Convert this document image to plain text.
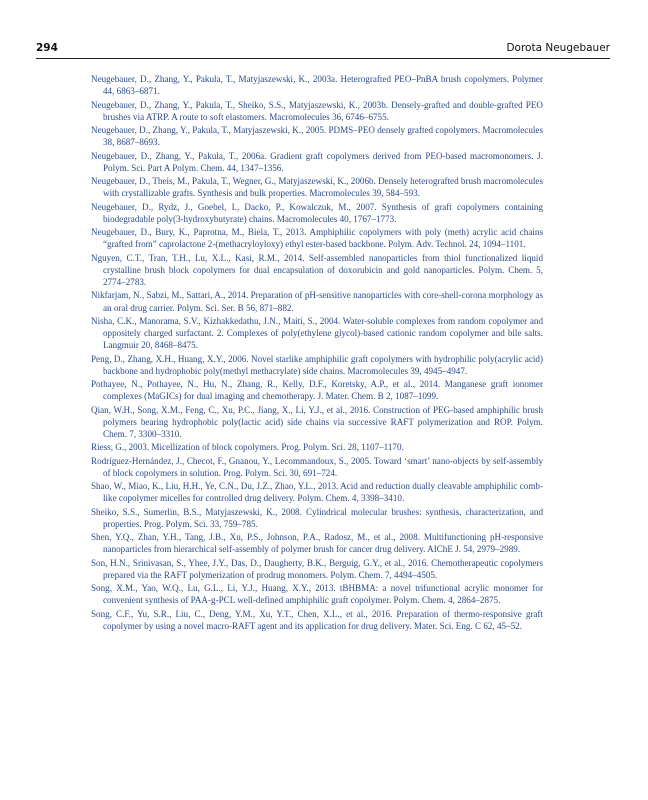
294	Dorota Neugebauer
Neugebauer, D., Zhang, Y., Pakula, T., Matyjaszewski, K., 2003a. Heterografted PEO–PnBA brush copolymers. Polymer 44, 6863–6871.
Neugebauer, D., Zhang, Y., Pakula, T., Sheiko, S.S., Matyjaszewski, K., 2003b. Densely-grafted and double-grafted PEO brushes via ATRP. A route to soft elastomers. Macromolecules 36, 6746–6755.
Neugebauer, D., Zhang, Y., Pakula, T., Matyjaszewski, K., 2005. PDMS–PEO densely grafted copolymers. Macromolecules 38, 8687–8693.
Neugebauer, D., Zhang, Y., Pakula, T., 2006a. Gradient graft copolymers derived from PEO-based macromonomers. J. Polym. Sci. Part A Polym. Chem. 44, 1347–1356.
Neugebauer, D., Theis, M., Pakula, T., Wegner, G., Matyjaszewski, K., 2006b. Densely heterografted brush macromolecules with crystallizable grafts. Synthesis and bulk properties. Macromolecules 39, 584–593.
Neugebauer, D., Rydz, J., Goebel, I., Dacko, P., Kowalczuk, M., 2007. Synthesis of graft copolymers containing biodegradable poly(3-hydroxybutyrate) chains. Macromolecules 40, 1767–1773.
Neugebauer, D., Bury, K., Paprotna, M., Biela, T., 2013. Amphiphilic copolymers with poly (meth) acrylic acid chains “grafted from” caprolactone 2-(methacryloyloxy) ethyl ester-based backbone. Polym. Adv. Technol. 24, 1094–1101.
Nguyen, C.T., Tran, T.H., Lu, X.L., Kasi, R.M., 2014. Self-assembled nanoparticles from thiol functionalized liquid crystalline brush block copolymers for dual encapsulation of doxorubicin and gold nanoparticles. Polym. Chem. 5, 2774–2783.
Nikfarjam, N., Sabzi, M., Sattari, A., 2014. Preparation of pH-sensitive nanoparticles with core-shell-corona morphology as an oral drug carrier. Polym. Sci. Ser. B 56, 871–882.
Nisha, C.K., Manorama, S.V., Kizhakkedathu, J.N., Maiti, S., 2004. Water-soluble complexes from random copolymer and oppositely charged surfactant. 2. Complexes of poly(ethylene glycol)-based cationic random copolymer and bile salts. Langmuir 20, 8468–8475.
Peng, D., Zhang, X.H., Huang, X.Y., 2006. Novel starlike amphiphilic graft copolymers with hydrophilic poly(acrylic acid) backbone and hydrophobic poly(methyl methacrylate) side chains. Macromolecules 39, 4945–4947.
Pothayee, N., Pothayee, N., Hu, N., Zhang, R., Kelly, D.F., Koretsky, A.P., et al., 2014. Manganese graft ionomer complexes (MaGICs) for dual imaging and chemotherapy. J. Mater. Chem. B 2, 1087–1099.
Qian, W.H., Song, X.M., Feng, C., Xu, P.C., Jiang, X., Li, Y.J., et al., 2016. Construction of PEG-based amphiphilic brush polymers bearing hydrophobic poly(lactic acid) side chains via successive RAFT polymerization and ROP. Polym. Chem. 7, 3300–3310.
Riess, G., 2003. Micellization of block copolymers. Prog. Polym. Sci. 28, 1107–1170.
Rodríguez-Hernández, J., Checot, F., Gnanou, Y., Lecommandoux, S., 2005. Toward ‘smart’ nano-objects by self-assembly of block copolymers in solution. Prog. Polym. Sci. 30, 691–724.
Shao, W., Miao, K., Liu, H.H., Ye, C.N., Du, J.Z., Zhao, Y.L., 2013. Acid and reduction dually cleavable amphiphilic comb-like copolymer micelles for controlled drug delivery. Polym. Chem. 4, 3398–3410.
Sheiko, S.S., Sumerlin, B.S., Matyjaszewski, K., 2008. Cylindrical molecular brushes: synthesis, characterization, and properties. Prog. Polym. Sci. 33, 759–785.
Shen, Y.Q., Zhan, Y.H., Tang, J.B., Xu, P.S., Johnson, P.A., Radosz, M., et al., 2008. Multifunctioning pH-responsive nanoparticles from hierarchical self-assembly of polymer brush for cancer drug delivery. AIChE J. 54, 2979–2989.
Son, H.N., Srinivasan, S., Yhee, J.Y., Das, D., Daugherty, B.K., Berguig, G.Y., et al., 2016. Chemotherapeutic copolymers prepared via the RAFT polymerization of prodrug monomers. Polym. Chem. 7, 4494–4505.
Song, X.M., Yao, W.Q., Lu, G.L., Li, Y.J., Huang, X.Y., 2013. tBHBMA: a novel trifunctional acrylic monomer for convenient synthesis of PAA-g-PCL well-defined amphiphilic graft copolymer. Polym. Chem. 4, 2864–2875.
Song, C.F., Yu, S.R., Liu, C., Deng, Y.M., Xu, Y.T., Chen, X.L., et al., 2016. Preparation of thermo-responsive graft copolymer by using a novel macro-RAFT agent and its application for drug delivery. Mater. Sci. Eng. C 62, 45–52.
